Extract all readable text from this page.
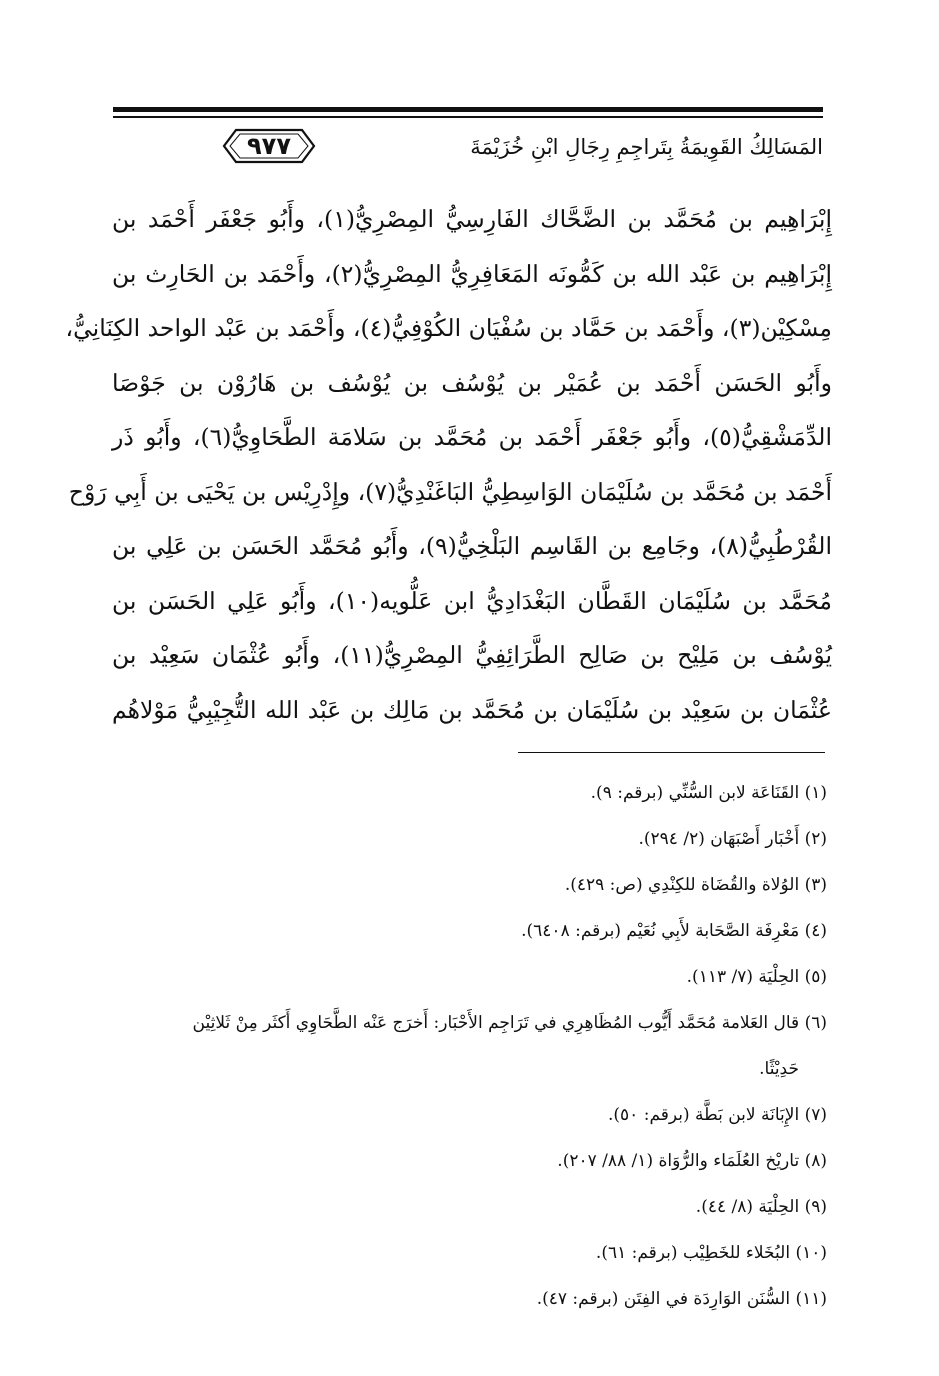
المَسَالِكُ القَوِيمَةُ بِتَراجِمِ رِجَالِ ابْنِ خُزَيْمَةَ
٩٧٧
إِبْرَاهِيم بن مُحَمَّد بن الضَّحَّاك الفَارِسِيُّ المِصْرِيُّ(١)، وأَبُو جَعْفَر أَحْمَد بن
إِبْرَاهِيم بن عَبْد الله بن كَمُّونَه المَعَافِرِيُّ المِصْرِيُّ(٢)، وأَحْمَد بن الحَارِث بن
مِسْكِيْن(٣)، وأَحْمَد بن حَمَّاد بن سُفْيَان الكُوْفِيُّ(٤)، وأَحْمَد بن عَبْد الواحد الكِنَانِيُّ،
وأَبُو الحَسَن أَحْمَد بن عُمَيْر بن يُوْسُف بن يُوْسُف بن هَارُوْن بن جَوْصَا
الدِّمَشْقِيُّ(٥)، وأَبُو جَعْفَر أَحْمَد بن مُحَمَّد بن سَلامَة الطَّحَاوِيُّ(٦)، وأَبُو ذَر
أَحْمَد بن مُحَمَّد بن سُلَيْمَان الوَاسِطِيُّ البَاغَنْدِيُّ(٧)، وإِدْرِيْس بن يَحْيَى بن أَبِي رَوْح
القُرْطُبِيُّ(٨)، وجَامِع بن القَاسِم البَلْخِيُّ(٩)، وأَبُو مُحَمَّد الحَسَن بن عَلِي بن
مُحَمَّد بن سُلَيْمَان القَطَّان البَغْدَادِيُّ ابن عَلُّويه(١٠)، وأَبُو عَلِي الحَسَن بن
يُوْسُف بن مَلِيْح بن صَالِح الطَّرَائِفِيُّ المِصْرِيُّ(١١)، وأَبُو عُثْمَان سَعِيْد بن
عُثْمَان بن سَعِيْد بن سُلَيْمَان بن مُحَمَّد بن مَالِك بن عَبْد الله التُّجِيْبِيُّ مَوْلاهُم
(١) القَنَاعَة لابن السُّنِّي (برقم: ٩).
(٢) أَخْبَار أَصْبَهَان (٢/ ٢٩٤).
(٣) الوُلاة والقُضَاة للكِنْدِي (ص: ٤٢٩).
(٤) مَعْرِفَة الصَّحَابة لأَبِي نُعَيْم (برقم: ٦٤٠٨).
(٥) الحِلْيَة (٧/ ١١٣).
(٦) قال العَلامة مُحَمَّد أَيُّوب المُظَاهِرِي في تَرَاجِم الأَحْبَار: أَخرَج عَنْه الطَّحَاوِي أَكثَر مِنْ ثَلاثِيْن
حَدِيْثًا.
(٧) الإِبَانَة لابن بَطَّة (برقم: ٥٠).
(٨) تاريْخ العُلَمَاء والرُّوَاة (١/ ٨٨/ ٢٠٧).
(٩) الحِلْيَة (٨/ ٤٤).
(١٠) البُخَلاء للخَطِيْب (برقم: ٦١).
(١١) السُّنَن الوَارِدَة في الفِتَن (برقم: ٤٧).
